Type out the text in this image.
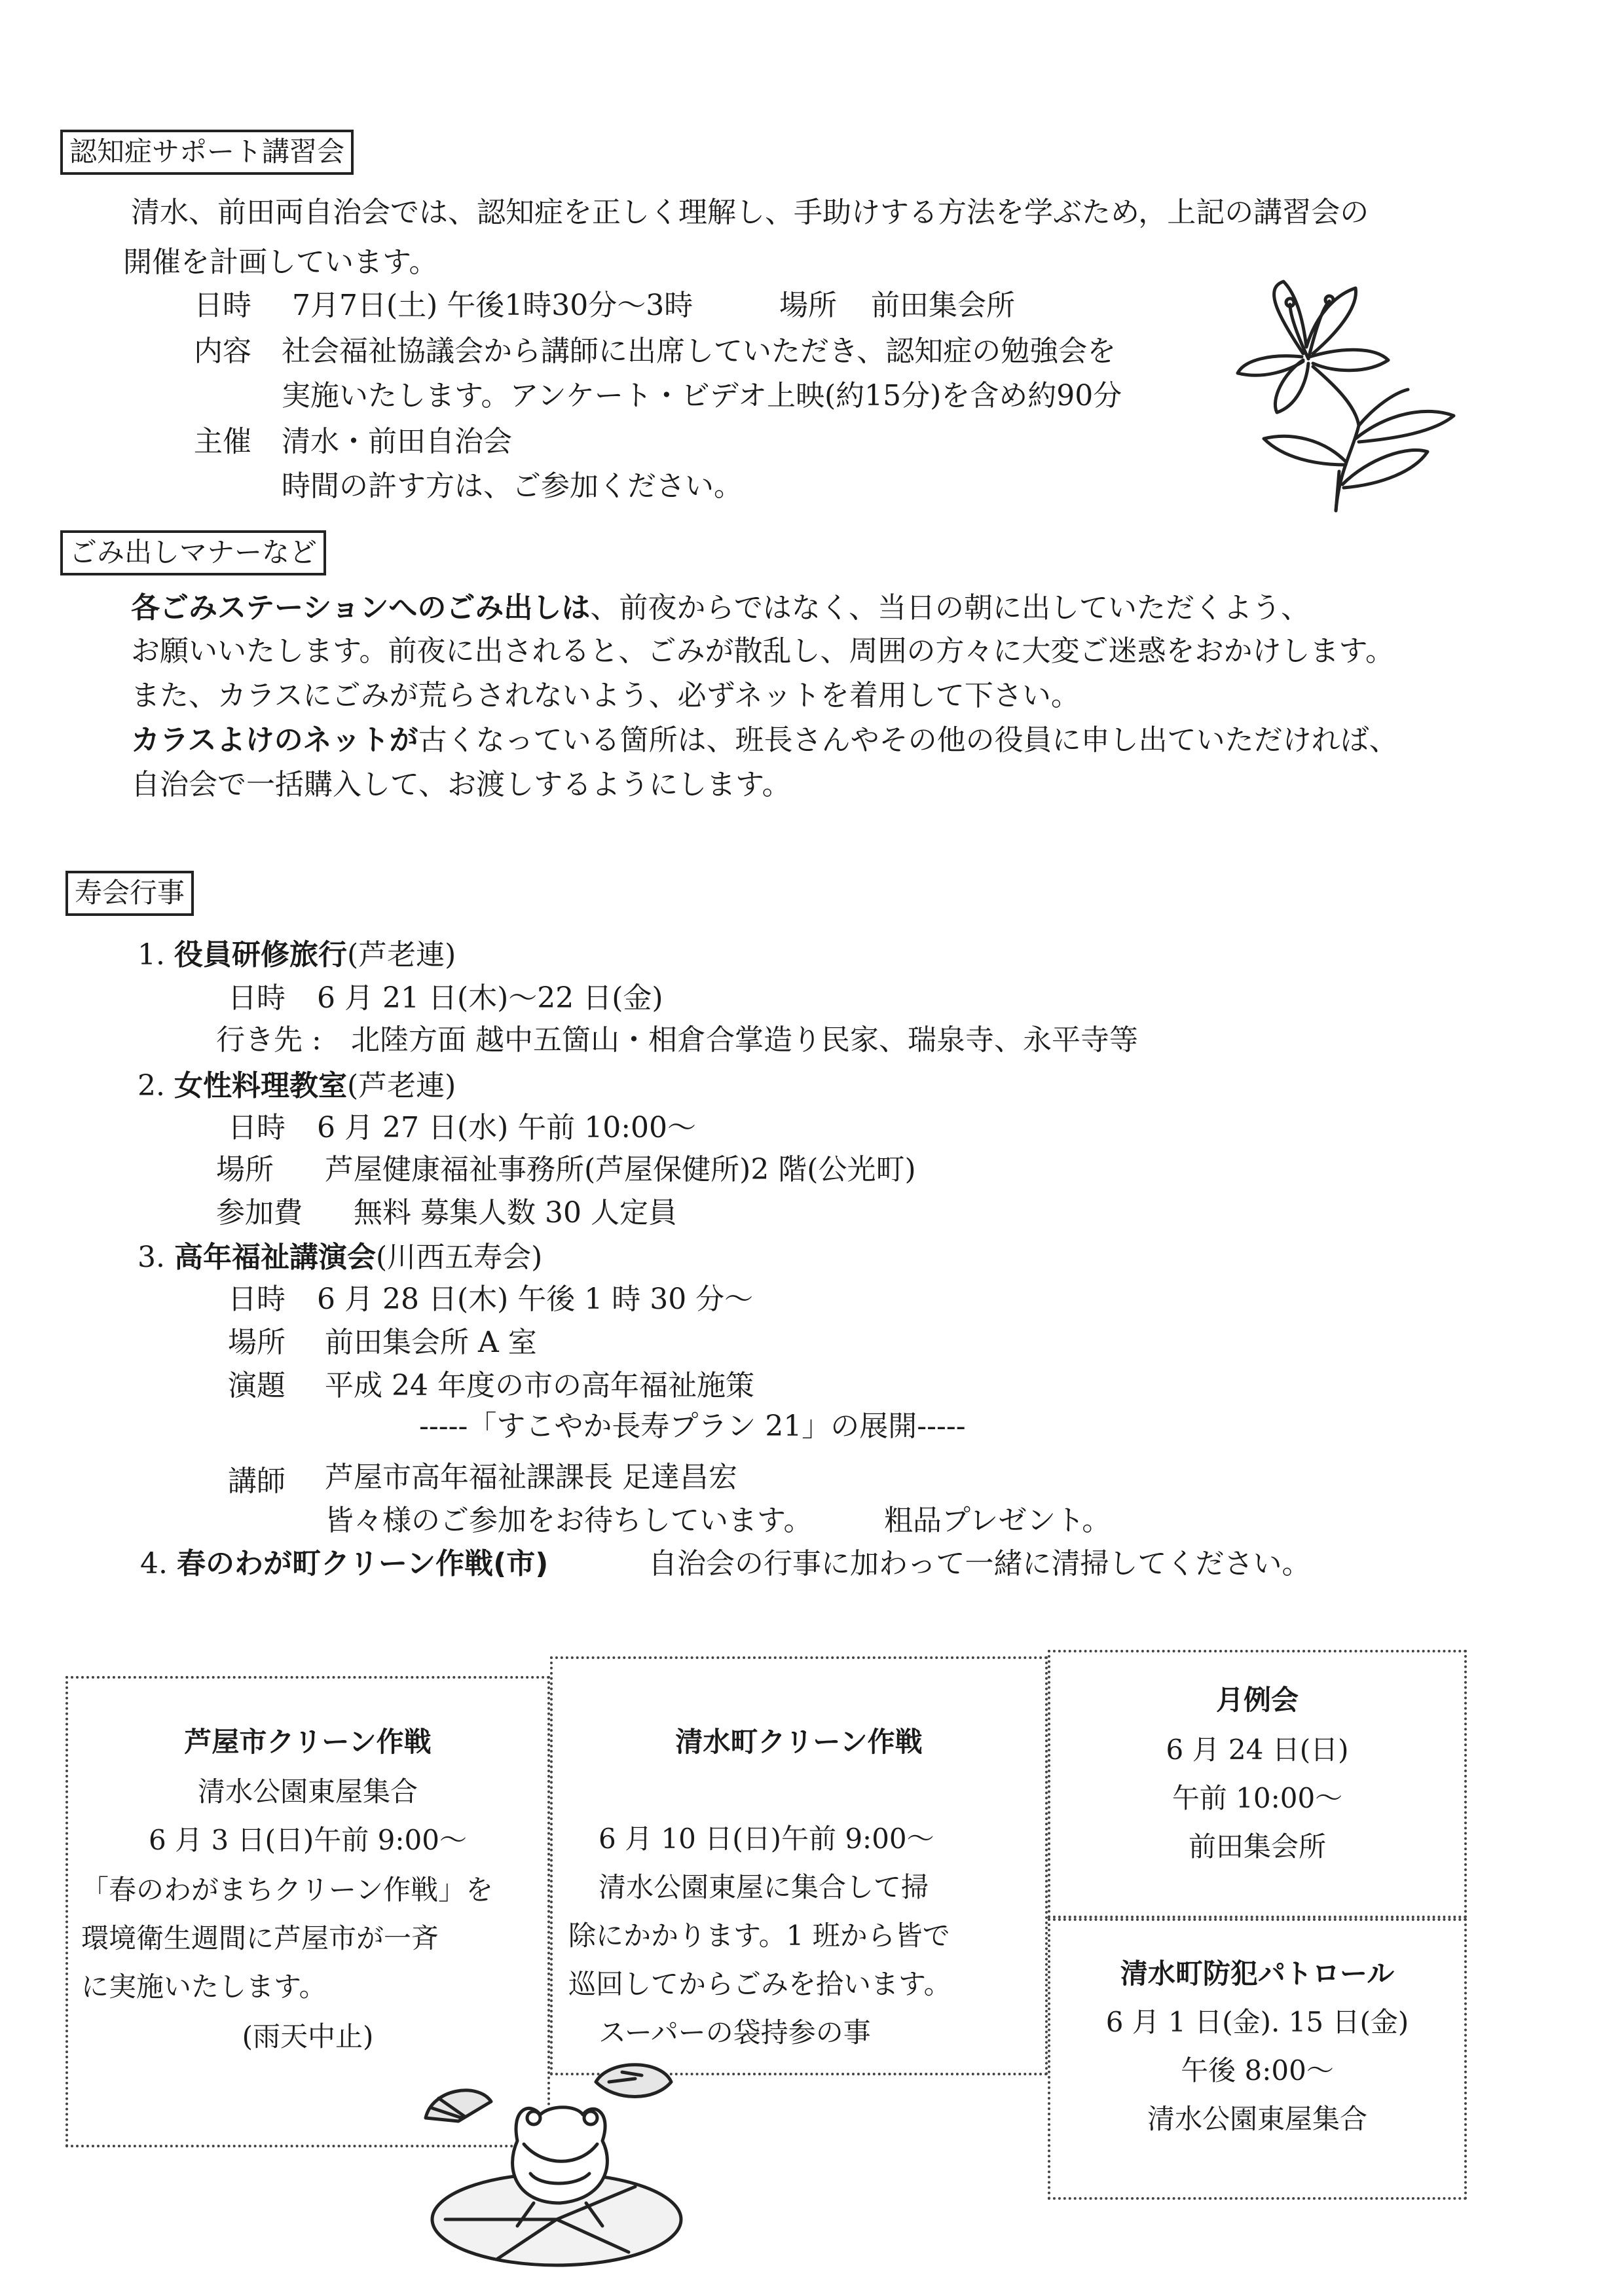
認知症サポート講習会
清水、前田両自治会では、認知症を正しく理解し、手助けする方法を学ぶため，上記の講習会の
開催を計画しています。
日時 7月7日(土) 午後1時30分～3時	場所 前田集会所
内容 社会福祉協議会から講師に出席していただき、認知症の勉強会を
実施いたします。アンケート・ビデオ上映(約15分)を含め約90分
主催 清水・前田自治会
時間の許す方は、ご参加ください。
ごみ出しマナーなど
各ごみステーションへのごみ出しは、前夜からではなく、当日の朝に出していただくよう、
お願いいたします。前夜に出されると、ごみが散乱し、周囲の方々に大変ご迷惑をおかけします。
また、カラスにごみが荒らされないよう、必ずネットを着用して下さい。
カラスよけのネットが古くなっている箇所は、班長さんやその他の役員に申し出ていただければ、
自治会で一括購入して、お渡しするようにします。
寿会行事
1. 役員研修旅行(芦老連)
日時 6 月 21 日(木)～22 日(金)
行き先 : 北陸方面 越中五箇山・相倉合掌造り民家、瑞泉寺、永平寺等
2. 女性料理教室(芦老連)
日時 6 月 27 日(水) 午前 10:00～
場所 芦屋健康福祉事務所(芦屋保健所)2 階(公光町)
参加費 無料 募集人数 30 人定員
3. 高年福祉講演会(川西五寿会)
日時 6 月 28 日(木) 午後 1 時 30 分～
場所 前田集会所 A 室
演題 平成 24 年度の市の高年福祉施策
-----「すこやか長寿プラン 21」の展開-----
講師 芦屋市高年福祉課課長 足達昌宏
皆々様のご参加をお待ちしています。 粗品プレゼント。
4. 春のわが町クリーン作戦(市)	自治会の行事に加わって一緒に清掃してください。
芦屋市クリーン作戦
清水公園東屋集合
6 月 3 日(日)午前 9:00～
「春のわがまちクリーン作戦」を
環境衛生週間に芦屋市が一斉
に実施いたします。
(雨天中止)
清水町クリーン作戦
6 月 10 日(日)午前 9:00～
清水公園東屋に集合して掃
除にかかります。1 班から皆で
巡回してからごみを拾います。
スーパーの袋持参の事
月例会
6 月 24 日(日)
午前 10:00～
前田集会所
清水町防犯パトロール
6 月 1 日(金). 15 日(金)
午後 8:00～
清水公園東屋集合
